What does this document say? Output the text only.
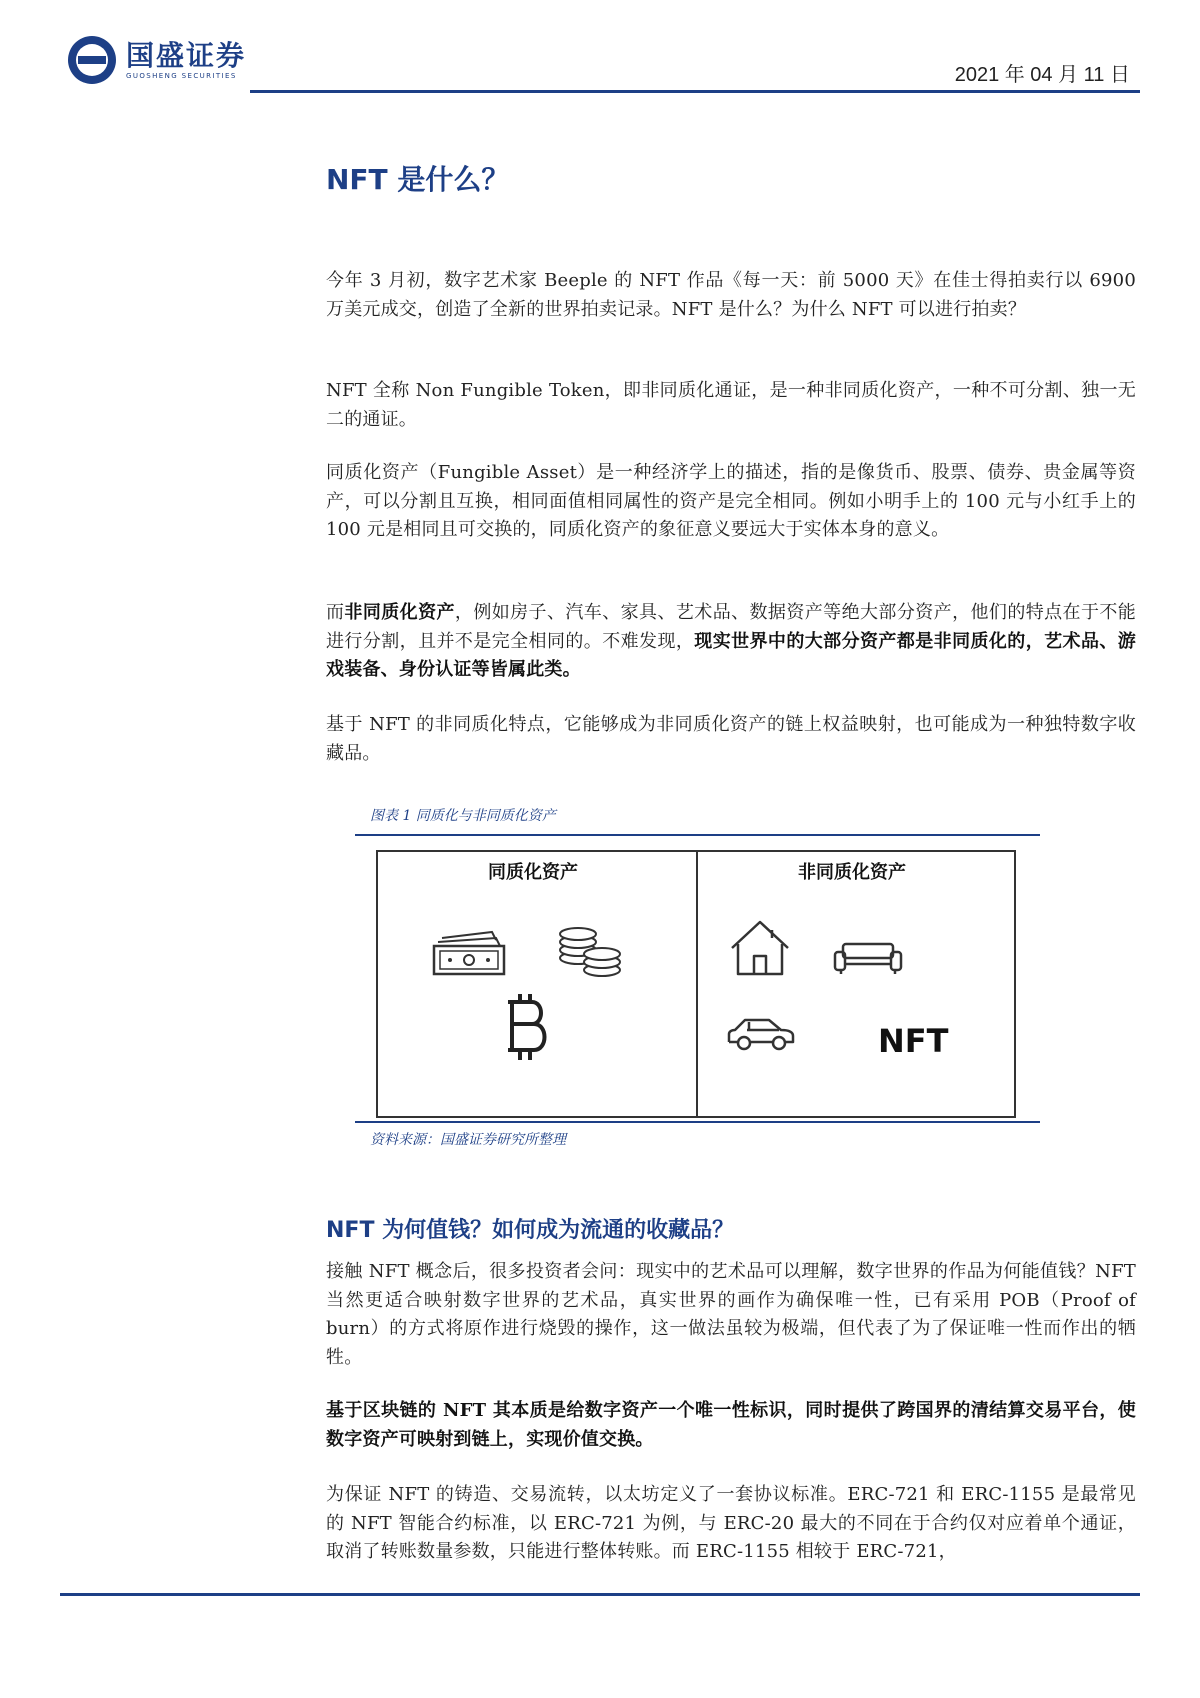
国盛证券
GUOSHENG SECURITIES	2021 年 04 月 11 日
NFT 是什么？
今年 3 月初，数字艺术家 Beeple 的 NFT 作品《每一天：前 5000 天》在佳士得拍卖行以 6900 万美元成交，创造了全新的世界拍卖记录。NFT 是什么？为什么 NFT 可以进行拍卖？
NFT 全称 Non Fungible Token，即非同质化通证，是一种非同质化资产，一种不可分割、独一无二的通证。
同质化资产（Fungible Asset）是一种经济学上的描述，指的是像货币、股票、债券、贵金属等资产，可以分割且互换，相同面值相同属性的资产是完全相同。例如小明手上的 100 元与小红手上的 100 元是相同且可交换的，同质化资产的象征意义要远大于实体本身的意义。
而非同质化资产，例如房子、汽车、家具、艺术品、数据资产等绝大部分资产，他们的特点在于不能进行分割，且并不是完全相同的。不难发现，现实世界中的大部分资产都是非同质化的，艺术品、游戏装备、身份认证等皆属此类。
基于 NFT 的非同质化特点，它能够成为非同质化资产的链上权益映射，也可能成为一种独特数字收藏品。
图表 1 同质化与非同质化资产
同质化资产	非同质化资产
NFT
资料来源：国盛证券研究所整理
NFT 为何值钱？如何成为流通的收藏品？
接触 NFT 概念后，很多投资者会问：现实中的艺术品可以理解，数字世界的作品为何能值钱？NFT 当然更适合映射数字世界的艺术品，真实世界的画作为确保唯一性，已有采用 POB（Proof of burn）的方式将原作进行烧毁的操作，这一做法虽较为极端，但代表了为了保证唯一性而作出的牺牲。
基于区块链的 NFT 其本质是给数字资产一个唯一性标识，同时提供了跨国界的清结算交易平台，使数字资产可映射到链上，实现价值交换。
为保证 NFT 的铸造、交易流转，以太坊定义了一套协议标准。ERC-721 和 ERC-1155 是最常见的 NFT 智能合约标准，以 ERC-721 为例，与 ERC-20 最大的不同在于合约仅对应着单个通证，取消了转账数量参数，只能进行整体转账。而 ERC-1155 相较于 ERC-721，
